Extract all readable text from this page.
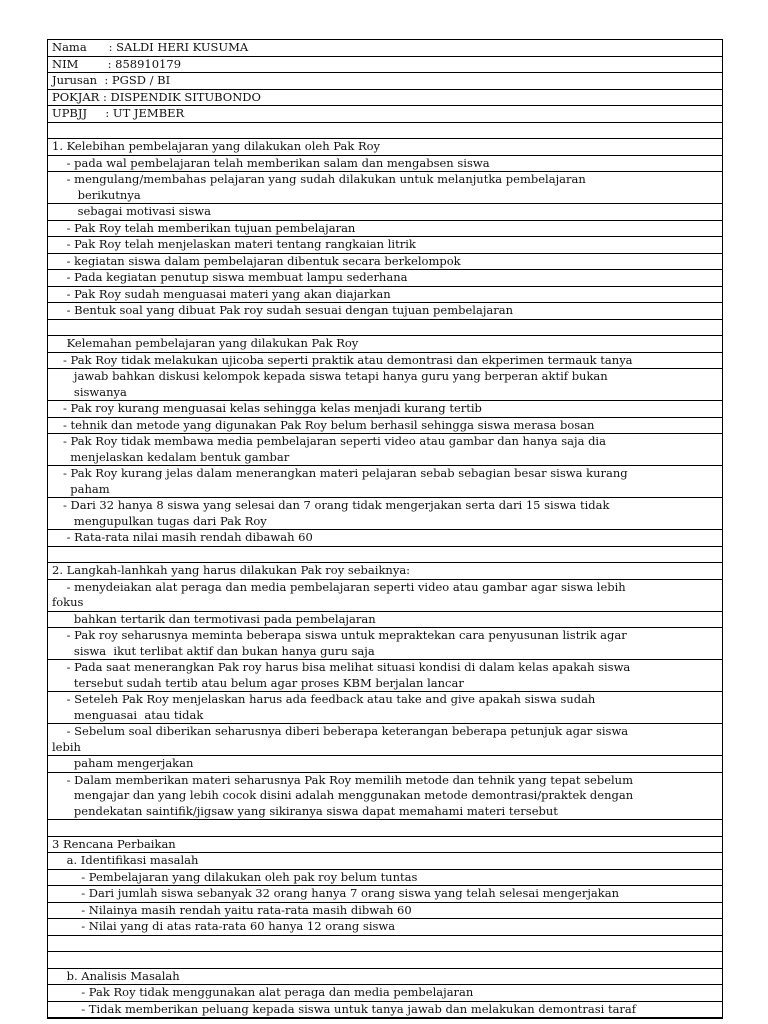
Nama      : SALDI HERI KUSUMA
NIM        : 858910179
Jurusan  : PGSD / BI
POKJAR : DISPENDIK SITUBONDO
UPBJJ     : UT JEMBER
1. Kelebihan pembelajaran yang dilakukan oleh Pak Roy
- pada wal pembelajaran telah memberikan salam dan mengabsen siswa
- mengulang/membahas pelajaran yang sudah dilakukan untuk melanjutka pembelajaran
berikutnya
sebagai motivasi siswa
- Pak Roy telah memberikan tujuan pembelajaran
- Pak Roy telah menjelaskan materi tentang rangkaian litrik
- kegiatan siswa dalam pembelajaran dibentuk secara berkelompok
- Pada kegiatan penutup siswa membuat lampu sederhana
- Pak Roy sudah menguasai materi yang akan diajarkan
- Bentuk soal yang dibuat Pak roy sudah sesuai dengan tujuan pembelajaran
Kelemahan pembelajaran yang dilakukan Pak Roy
- Pak Roy tidak melakukan ujicoba seperti praktik atau demontrasi dan ekperimen termauk tanya
jawab bahkan diskusi kelompok kepada siswa tetapi hanya guru yang berperan aktif bukan
siswanya
- Pak roy kurang menguasai kelas sehingga kelas menjadi kurang tertib
- tehnik dan metode yang digunakan Pak Roy belum berhasil sehingga siswa merasa bosan
- Pak Roy tidak membawa media pembelajaran seperti video atau gambar dan hanya saja dia
menjelaskan kedalam bentuk gambar
- Pak Roy kurang jelas dalam menerangkan materi pelajaran sebab sebagian besar siswa kurang
paham
- Dari 32 hanya 8 siswa yang selesai dan 7 orang tidak mengerjakan serta dari 15 siswa tidak
mengupulkan tugas dari Pak Roy
- Rata-rata nilai masih rendah dibawah 60
2. Langkah-lanhkah yang harus dilakukan Pak roy sebaiknya:
- menydeiakan alat peraga dan media pembelajaran seperti video atau gambar agar siswa lebih
fokus
bahkan tertarik dan termotivasi pada pembelajaran
- Pak roy seharusnya meminta beberapa siswa untuk mepraktekan cara penyusunan listrik agar
siswa  ikut terlibat aktif dan bukan hanya guru saja
- Pada saat menerangkan Pak roy harus bisa melihat situasi kondisi di dalam kelas apakah siswa
tersebut sudah tertib atau belum agar proses KBM berjalan lancar
- Seteleh Pak Roy menjelaskan harus ada feedback atau take and give apakah siswa sudah
menguasai  atau tidak
- Sebelum soal diberikan seharusnya diberi beberapa keterangan beberapa petunjuk agar siswa
lebih
paham mengerjakan
- Dalam memberikan materi seharusnya Pak Roy memilih metode dan tehnik yang tepat sebelum
mengajar dan yang lebih cocok disini adalah menggunakan metode demontrasi/praktek dengan
pendekatan saintifik/jigsaw yang sikiranya siswa dapat memahami materi tersebut
3 Rencana Perbaikan
a. Identifikasi masalah
- Pembelajaran yang dilakukan oleh pak roy belum tuntas
- Dari jumlah siswa sebanyak 32 orang hanya 7 orang siswa yang telah selesai mengerjakan
- Nilainya masih rendah yaitu rata-rata masih dibwah 60
- Nilai yang di atas rata-rata 60 hanya 12 orang siswa
b. Analisis Masalah
- Pak Roy tidak menggunakan alat peraga dan media pembelajaran
- Tidak memberikan peluang kepada siswa untuk tanya jawab dan melakukan demontrasi taraf
